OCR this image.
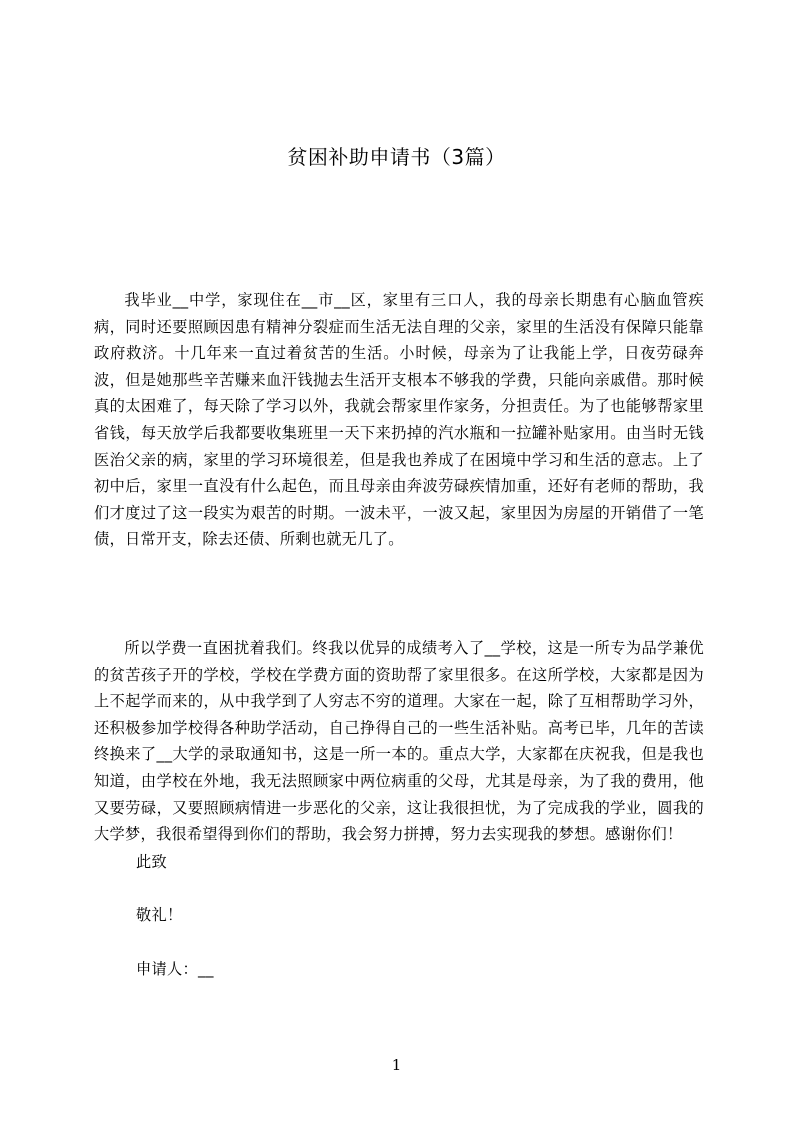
贫困补助申请书（3篇）

我毕业__中学，家现住在__市__区，家里有三口人，我的母亲长期患有心脑血管疾病，同时还要照顾因患有精神分裂症而生活无法自理的父亲，家里的生活没有保障只能靠政府救济。十几年来一直过着贫苦的生活。小时候，母亲为了让我能上学，日夜劳碌奔波，但是她那些辛苦赚来血汗钱抛去生活开支根本不够我的学费，只能向亲戚借。那时候真的太困难了，每天除了学习以外，我就会帮家里作家务，分担责任。为了也能够帮家里省钱，每天放学后我都要收集班里一天下来扔掉的汽水瓶和一拉罐补贴家用。由当时无钱医治父亲的病，家里的学习环境很差，但是我也养成了在困境中学习和生活的意志。上了初中后，家里一直没有什么起色，而且母亲由奔波劳碌疾情加重，还好有老师的帮助，我们才度过了这一段实为艰苦的时期。一波未平，一波又起，家里因为房屋的开销借了一笔债，日常开支，除去还债、所剩也就无几了。

所以学费一直困扰着我们。终我以优异的成绩考入了__学校，这是一所专为品学兼优的贫苦孩子开的学校，学校在学费方面的资助帮了家里很多。在这所学校，大家都是因为上不起学而来的，从中我学到了人穷志不穷的道理。大家在一起，除了互相帮助学习外，还积极参加学校得各种助学活动，自己挣得自己的一些生活补贴。高考已毕，几年的苦读终换来了__大学的录取通知书，这是一所一本的。重点大学，大家都在庆祝我，但是我也知道，由学校在外地，我无法照顾家中两位病重的父母，尤其是母亲，为了我的费用，他又要劳碌，又要照顾病情进一步恶化的父亲，这让我很担忧，为了完成我的学业，圆我的大学梦，我很希望得到你们的帮助，我会努力拼搏，努力去实现我的梦想。感谢你们！

此致
敬礼！
申请人：__
1
